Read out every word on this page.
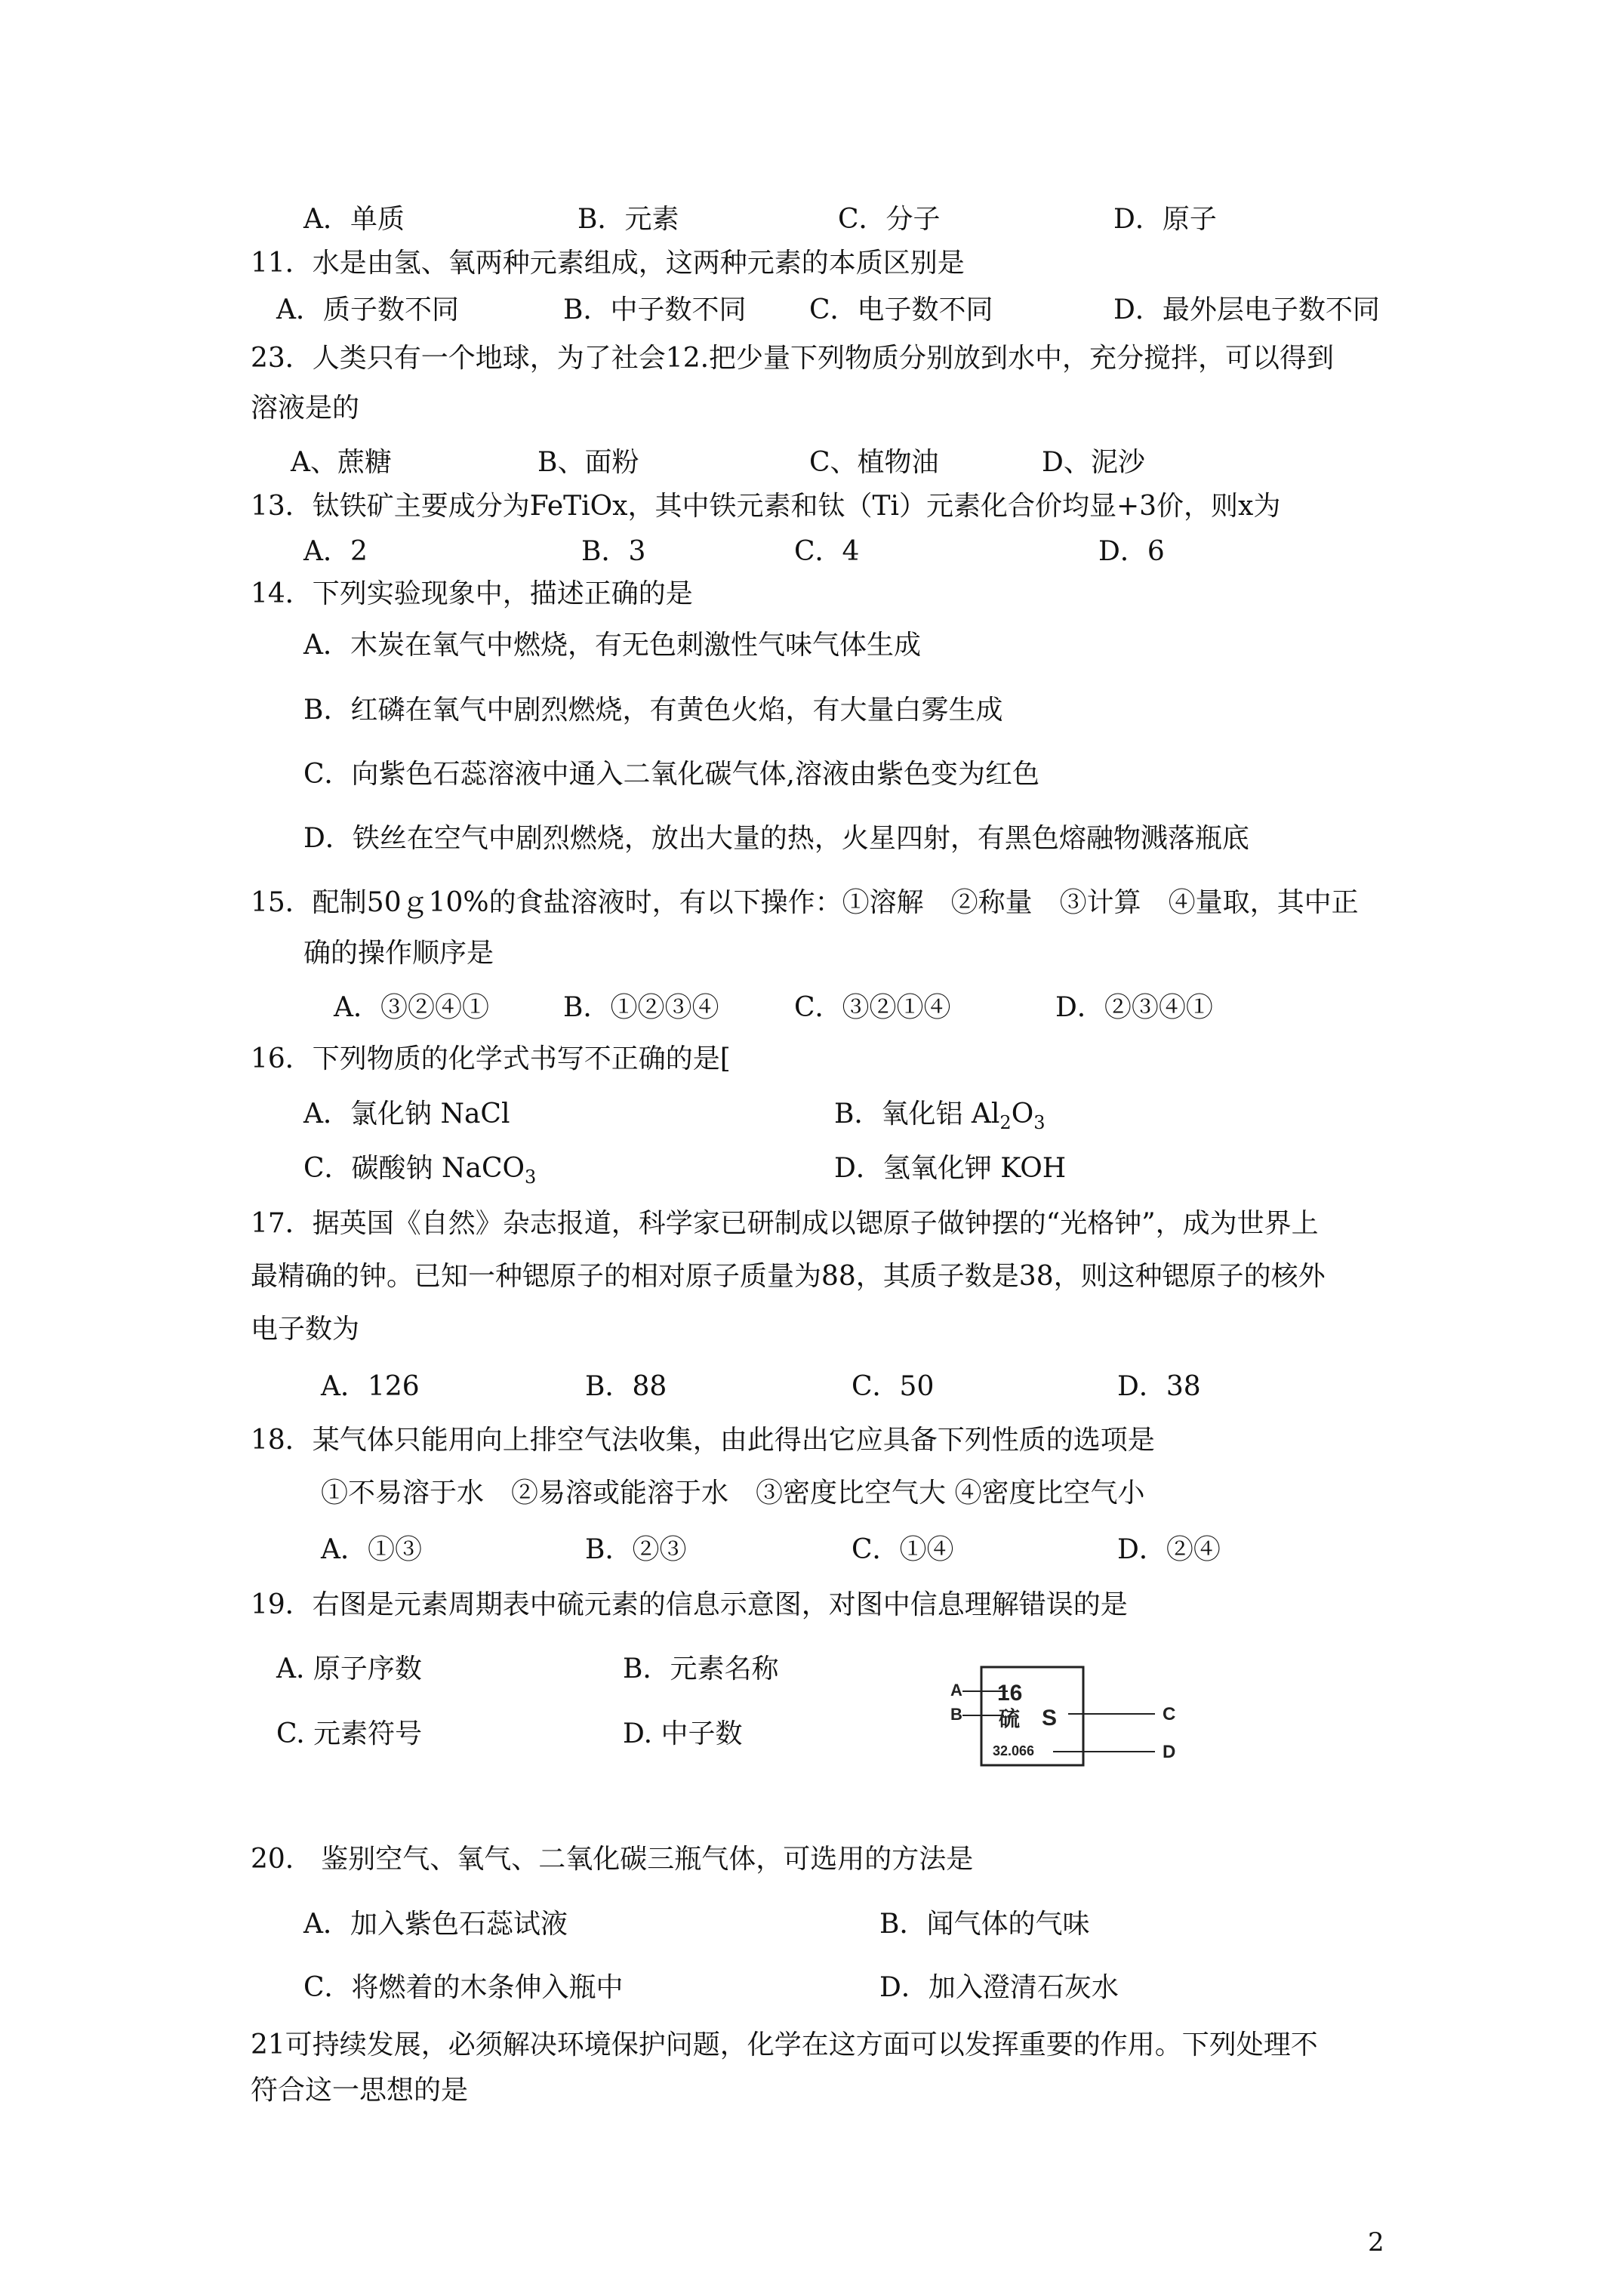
A．单质	B．元素	C．分子	D．原子
11．水是由氢、氧两种元素组成，这两种元素的本质区别是
A．质子数不同	B．中子数不同 C．电子数不同	D．最外层电子数不同
23．人类只有一个地球，为了社会12.把少量下列物质分别放到水中，充分搅拌，可以得到
溶液是的
A、蔗糖	B、面粉	C、植物油	D、泥沙
13．钛铁矿主要成分为FeTiOx，其中铁元素和钛（Ti）元素化合价均显+3价，则x为
A．2	B．3	C．4	D．6
14．下列实验现象中，描述正确的是
A．木炭在氧气中燃烧，有无色刺激性气味气体生成
B．红磷在氧气中剧烈燃烧，有黄色火焰，有大量白雾生成
C．向紫色石蕊溶液中通入二氧化碳气体,溶液由紫色变为红色
D．铁丝在空气中剧烈燃烧，放出大量的热，火星四射，有黑色熔融物溅落瓶底
15．配制50ｇ10%的食盐溶液时，有以下操作：①溶解　②称量　③计算　④量取，其中正
确的操作顺序是
A．③②④①	B．①②③④	C．③②①④	D．②③④①
16．下列物质的化学式书写不正确的是[
A．氯化钠 NaCl	B．氧化铝 $Al_2O_3$
C．碳酸钠 NaCO$_3$	D．氢氧化钾 KOH
17．据英国《自然》杂志报道，科学家已研制成以锶原子做钟摆的“光格钟”，成为世界上
最精确的钟。已知一种锶原子的相对原子质量为88，其质子数是38，则这种锶原子的核外
电子数为
A．126	B．88	C．50	D．38
18．某气体只能用向上排空气法收集，由此得出它应具备下列性质的选项是
①不易溶于水　②易溶或能溶于水　③密度比空气大 ④密度比空气小
A．①③	B．②③	C．①④	D．②④
19．右图是元素周期表中硫元素的信息示意图，对图中信息理解错误的是
A. 原子序数	B．元素名称
C. 元素符号	D. 中子数
A
B
16
硫 S
32.066
C
D
20.　鉴别空气、氧气、二氧化碳三瓶气体，可选用的方法是
A．加入紫色石蕊试液	B．闻气体的气味
C．将燃着的木条伸入瓶中	D．加入澄清石灰水
21可持续发展，必须解决环境保护问题，化学在这方面可以发挥重要的作用。下列处理不
符合这一思想的是
2
